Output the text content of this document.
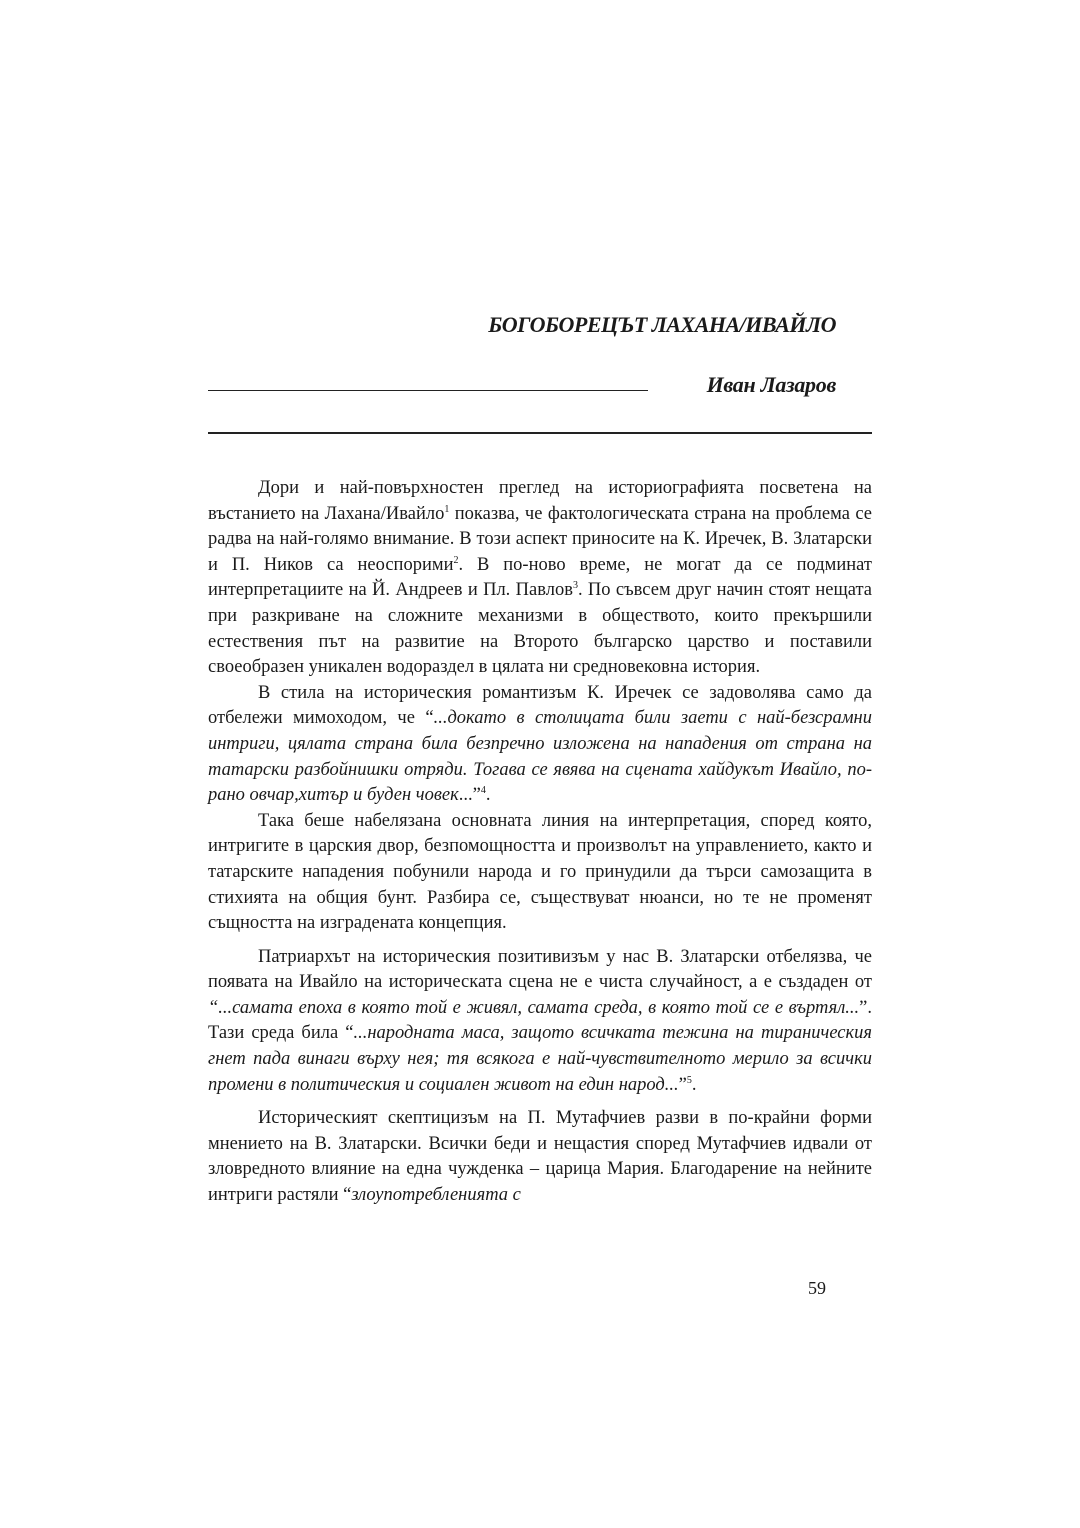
БОГОБОРЕЦЪТ ЛАХАНА/ИВАЙЛО
Иван Лазаров

Дори и най-повърхностен преглед на историографията посветена на въстанието на Лахана/Ивайло$^1$ показва, че фактологическата страна на проблема се радва на най-голямо внимание. В този аспект приносите на К. Иречек, В. Златарски и П. Ников са неоспорими$^2$. В по-ново време, не могат да се подминат интерпретациите на Й. Андреев и Пл. Павлов$^3$. По съвсем друг начин стоят нещата при разкриване на сложните механизми в обществото, които прекършили естествения път на развитие на Второто българско царство и поставили своеобразен уникален водораздел в цялата ни средновековна история.

В стила на историческия романтизъм К. Иречек се задоволява само да отбележи мимоходом, че “...докато в столицата били заети с най-безсрамни интриги, цялата страна била безпречно изложена на нападения от страна на татарски разбойнишки отряди. Тогава се явява на сцената хайдукът Ивайло, по-рано овчар,хитър и буден човек...”$^4$.

Така беше набелязана основната линия на интерпретация, според която, интригите в царския двор, безпомощността и произволът на управлението, както и татарските нападения побунили народа и го принудили да търси самозащита в стихията на общия бунт. Разбира се, съществуват нюанси, но те не променят същността на изградената концепция.

Патриархът на историческия позитивизъм у нас В. Златарски отбелязва, че появата на Ивайло на историческата сцена не е чиста случайност, а е създаден от “...самата епоха в която той е живял, самата среда, в която той се е въртял...”. Тази среда била “...народната маса, защото всичката тежина на тираническия гнет пада винаги върху нея; тя всякога е най-чувствителното мерило за всички промени в политическия и социален живот на един народ...”$^5$.

Историческият скептицизъм на П. Мутафчиев разви в по-крайни форми мнението на В. Златарски. Всички беди и нещастия според Мутафчиев идвали от зловредното влияние на една чужденка – царица Мария. Благодарение на нейните интриги растяли “злоупотребленията с

59
